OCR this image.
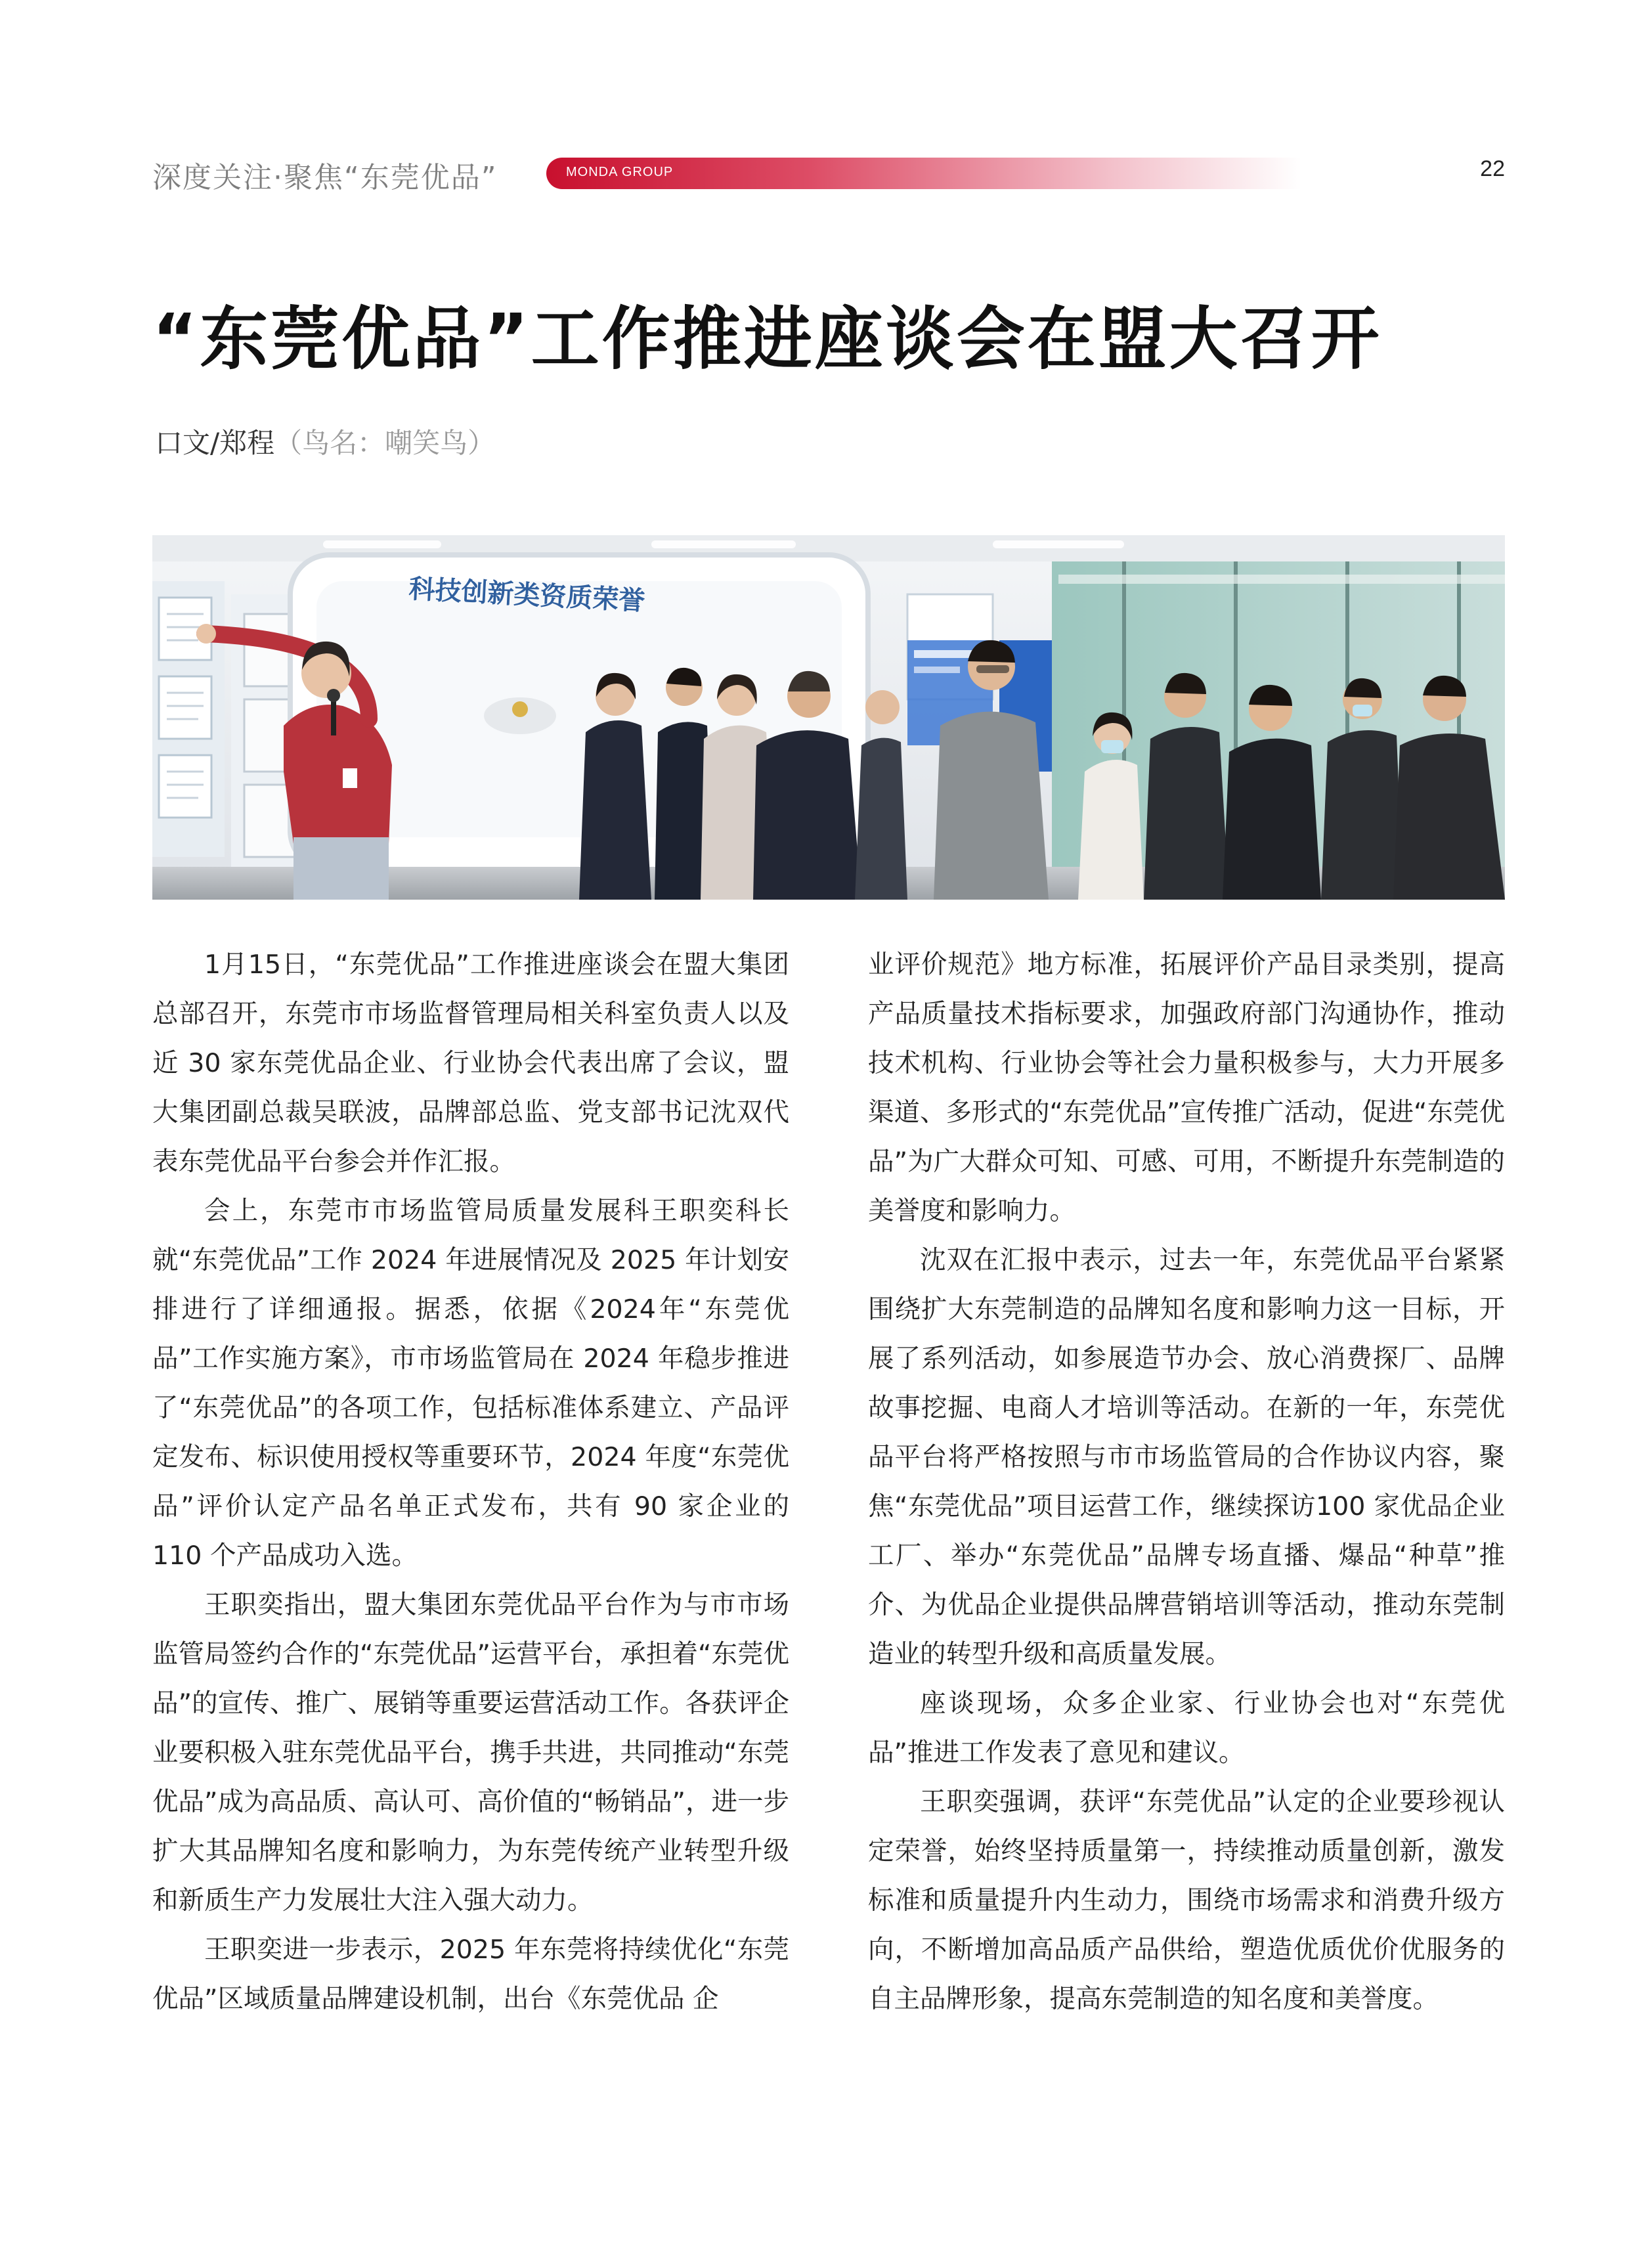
深度关注·聚焦“东莞优品”	MONDA GROUP	22
“东莞优品”工作推进座谈会在盟大召开
口文/郑程（鸟名：嘲笑鸟）
科技创新类资质荣誉

1月15日，“东莞优品”工作推进座谈会在盟大集团总部召开，东莞市市场监督管理局相关科室负责人以及近 30 家东莞优品企业、行业协会代表出席了会议，盟大集团副总裁吴联波，品牌部总监、党支部书记沈双代表东莞优品平台参会并作汇报。

会上，东莞市市场监管局质量发展科王职奕科长就“东莞优品”工作 2024 年进展情况及 2025 年计划安排进行了详细通报。据悉，依据《2024年“东莞优品”工作实施方案》，市市场监管局在 2024 年稳步推进了“东莞优品”的各项工作，包括标准体系建立、产品评定发布、标识使用授权等重要环节，2024 年度“东莞优品”评价认定产品名单正式发布，共有 90 家企业的 110 个产品成功入选。

王职奕指出，盟大集团东莞优品平台作为与市市场监管局签约合作的“东莞优品”运营平台，承担着“东莞优品”的宣传、推广、展销等重要运营活动工作。各获评企业要积极入驻东莞优品平台，携手共进，共同推动“东莞优品”成为高品质、高认可、高价值的“畅销品”，进一步扩大其品牌知名度和影响力，为东莞传统产业转型升级和新质生产力发展壮大注入强大动力。

王职奕进一步表示，2025 年东莞将持续优化“东莞优品”区域质量品牌建设机制，出台《东莞优品 企

业评价规范》地方标准，拓展评价产品目录类别，提高产品质量技术指标要求，加强政府部门沟通协作，推动技术机构、行业协会等社会力量积极参与，大力开展多渠道、多形式的“东莞优品”宣传推广活动，促进“东莞优品”为广大群众可知、可感、可用，不断提升东莞制造的美誉度和影响力。

沈双在汇报中表示，过去一年，东莞优品平台紧紧围绕扩大东莞制造的品牌知名度和影响力这一目标，开展了系列活动，如参展造节办会、放心消费探厂、品牌故事挖掘、电商人才培训等活动。在新的一年，东莞优品平台将严格按照与市市场监管局的合作协议内容，聚焦“东莞优品”项目运营工作，继续探访100 家优品企业工厂、举办“东莞优品”品牌专场直播、爆品“种草”推介、为优品企业提供品牌营销培训等活动，推动东莞制造业的转型升级和高质量发展。

座谈现场，众多企业家、行业协会也对“东莞优品”推进工作发表了意见和建议。

王职奕强调，获评“东莞优品”认定的企业要珍视认定荣誉，始终坚持质量第一，持续推动质量创新，激发标准和质量提升内生动力，围绕市场需求和消费升级方向，不断增加高品质产品供给，塑造优质优价优服务的自主品牌形象，提高东莞制造的知名度和美誉度。
